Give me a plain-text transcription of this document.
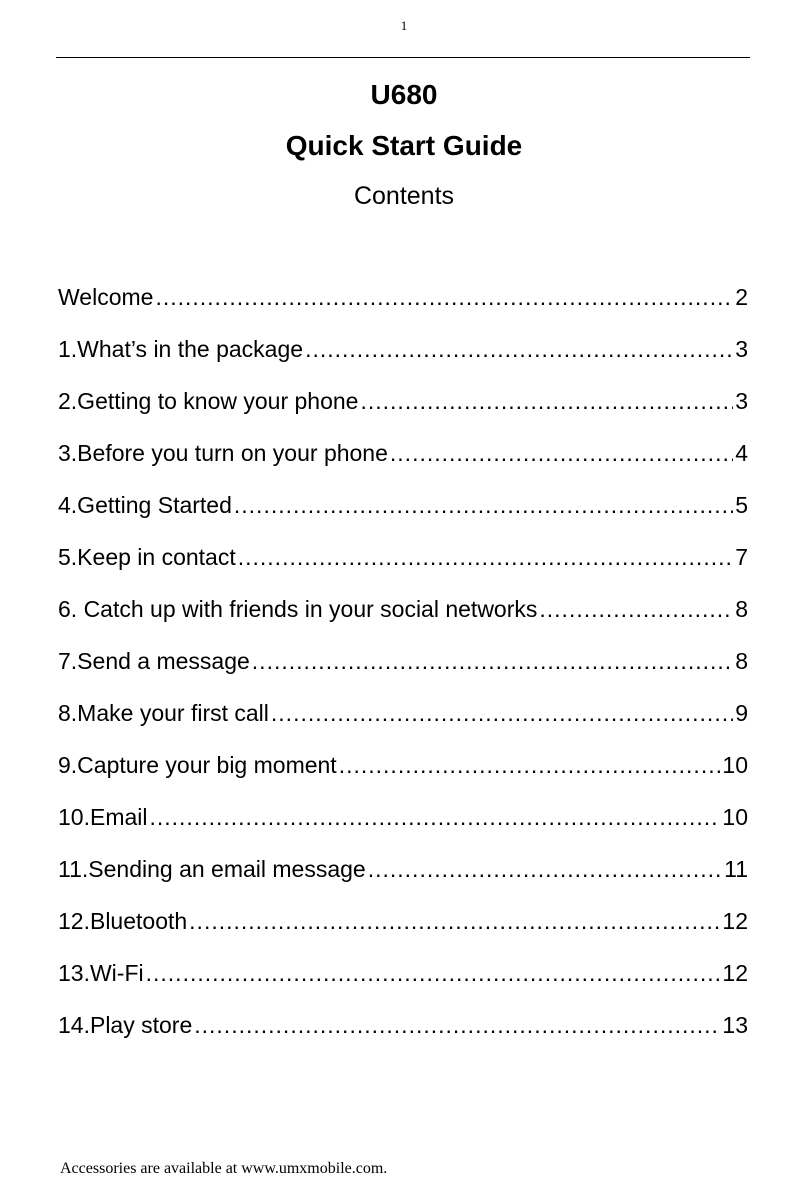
1
U680
Quick Start Guide
Contents
Welcome .....	2
1.What’s in the package .....	3
2.Getting to know your phone .....	3
3.Before you turn on your phone .....	4
4.Getting Started .....	5
5.Keep in contact .....	7
6. Catch up with friends in your social networks .....	8
7.Send a message .....	8
8.Make your first call .....	9
9.Capture your big moment .....	10
10.Email .....	10
11.Sending an email message .....	11
12.Bluetooth .....	12
13.Wi-Fi .....	12
14.Play store .....	13
Accessories are available at www.umxmobile.com.
